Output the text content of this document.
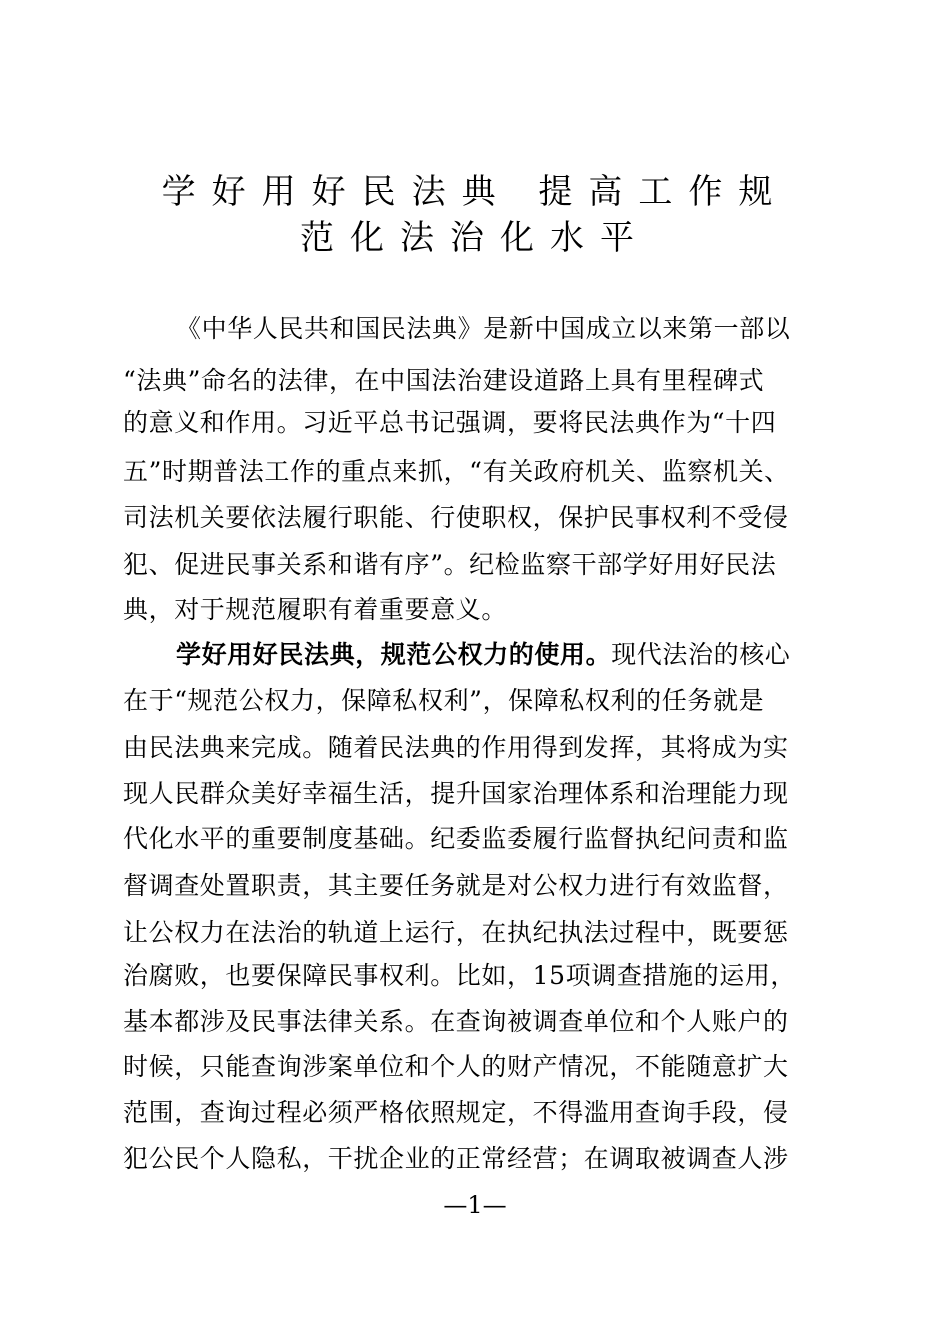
学好用好民法典 提高工作规
范化法治化水平
《中华人民共和国民法典》是新中国成立以来第一部以
“法典”命名的法律，在中国法治建设道路上具有里程碑式
的意义和作用。习近平总书记强调，要将民法典作为“十四
五”时期普法工作的重点来抓，“有关政府机关、监察机关、
司法机关要依法履行职能、行使职权，保护民事权利不受侵
犯、促进民事关系和谐有序”。纪检监察干部学好用好民法
典，对于规范履职有着重要意义。
学好用好民法典，规范公权力的使用。现代法治的核心
在于“规范公权力，保障私权利”，保障私权利的任务就是
由民法典来完成。随着民法典的作用得到发挥，其将成为实
现人民群众美好幸福生活，提升国家治理体系和治理能力现
代化水平的重要制度基础。纪委监委履行监督执纪问责和监
督调查处置职责，其主要任务就是对公权力进行有效监督，
让公权力在法治的轨道上运行，在执纪执法过程中，既要惩
治腐败，也要保障民事权利。比如，15项调查措施的运用，
基本都涉及民事法律关系。在查询被调查单位和个人账户的
时候，只能查询涉案单位和个人的财产情况，不能随意扩大
范围，查询过程必须严格依照规定，不得滥用查询手段，侵
犯公民个人隐私，干扰企业的正常经营；在调取被调查人涉
—1—
